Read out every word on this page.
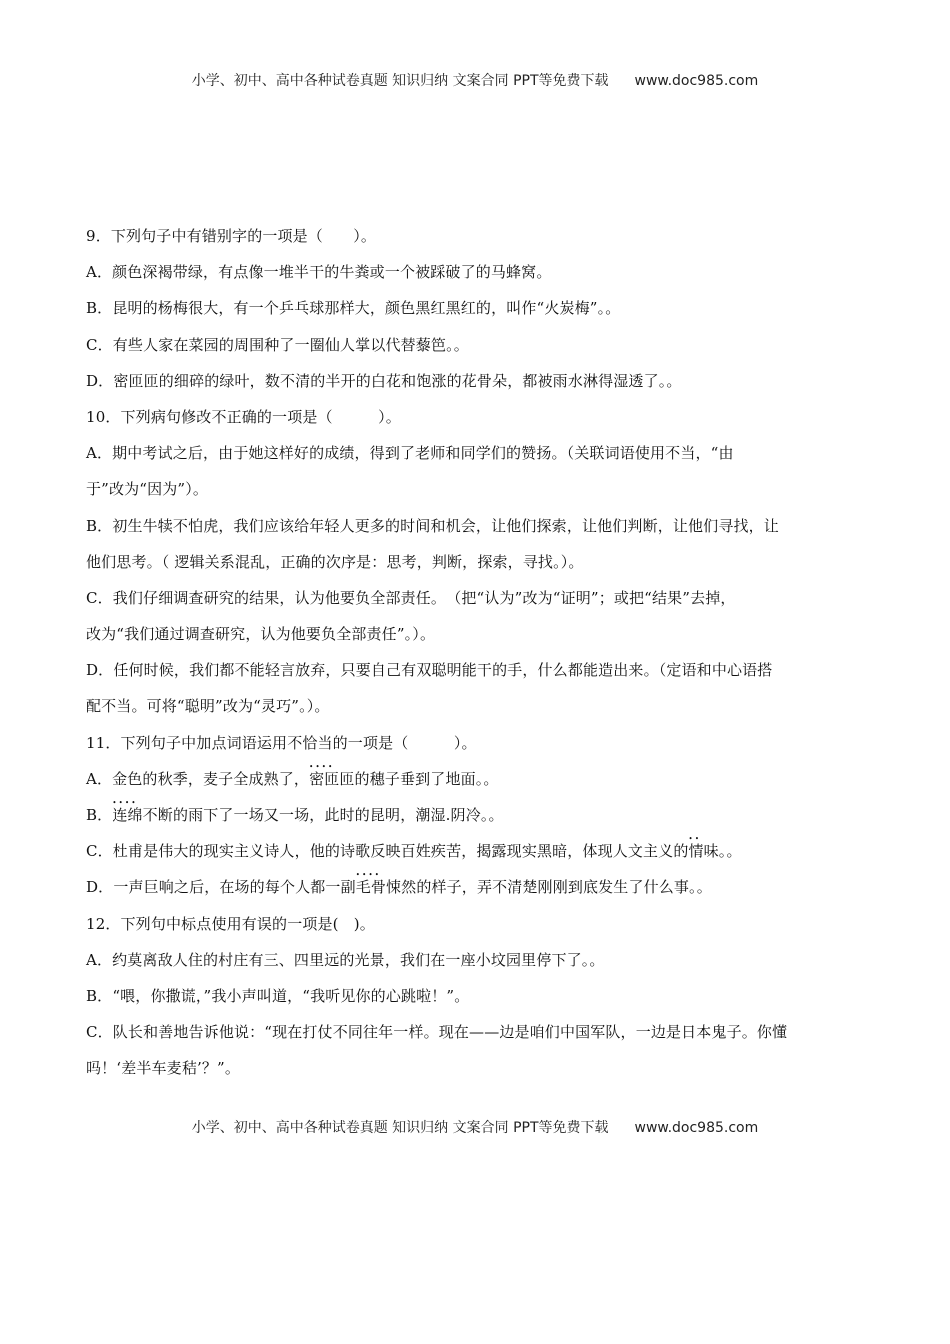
小学、初中、高中各种试卷真题 知识归纳 文案合同 PPT等免费下载 www.doc985.com
9．下列句子中有错别字的一项是（　　）。
A．颜色深褐带绿，有点像一堆半干的牛粪或一个被踩破了的马蜂窝。
B．昆明的杨梅很大，有一个乒乓球那样大，颜色黑红黑红的，叫作“火炭梅”。。
C．有些人家在菜园的周围种了一圈仙人掌以代替藜笆。。
D．密匝匝的细碎的绿叶，数不清的半开的白花和饱涨的花骨朵，都被雨水淋得湿透了。。
10．下列病句修改不正确的一项是（　　　）。
A．期中考试之后，由于她这样好的成绩，得到了老师和同学们的赞扬。（关联词语使用不当，“由
于”改为“因为”）。
B．初生牛犊不怕虎，我们应该给年轻人更多的时间和机会，让他们探索，让他们判断，让他们寻找，让
他们思考。（ 逻辑关系混乱，正确的次序是：思考，判断，探索，寻找。）。
C．我们仔细调查研究的结果，认为他要负全部责任。　（把“认为”改为“证明”；或把“结果”去掉，
改为“我们通过调查研究，认为他要负全部责任”。）。
D．任何时候，我们都不能轻言放弃，只要自己有双聪明能干的手，什么都能造出来。（定语和中心语搭
配不当。可将“聪明”改为“灵巧”。）。
11．下列句子中加点词语运用不恰当的一项是（　　　）。
A．金色的秋季，麦子全成熟了，• • • • 密匝匝的穗子垂到了地面。。
B．• • • • 连绵不断的雨下了一场又一场，此时的昆明，潮湿.阴冷。。
C．杜甫是伟大的现实主义诗人，他的诗歌反映百姓疾苦，揭露现实黑暗，体现人文主义的• • 情味。。
D．一声巨响之后，在场的每个人都一副• • • • 毛骨悚然的样子，弄不清楚刚刚到底发生了什么事。。
12．下列句中标点使用有误的一项是(　)。
A．约莫离敌人住的村庄有三、四里远的光景，我们在一座小坟园里停下了。。
B．“喂，你撒谎，”我小声叫道，“我听见你的心跳啦！”。
C．队长和善地告诉他说：“现在打仗不同往年一样。现在——边是咱们中国军队，一边是日本鬼子。你懂
吗！‘差半车麦秸’？”。
小学、初中、高中各种试卷真题 知识归纳 文案合同 PPT等免费下载 www.doc985.com
